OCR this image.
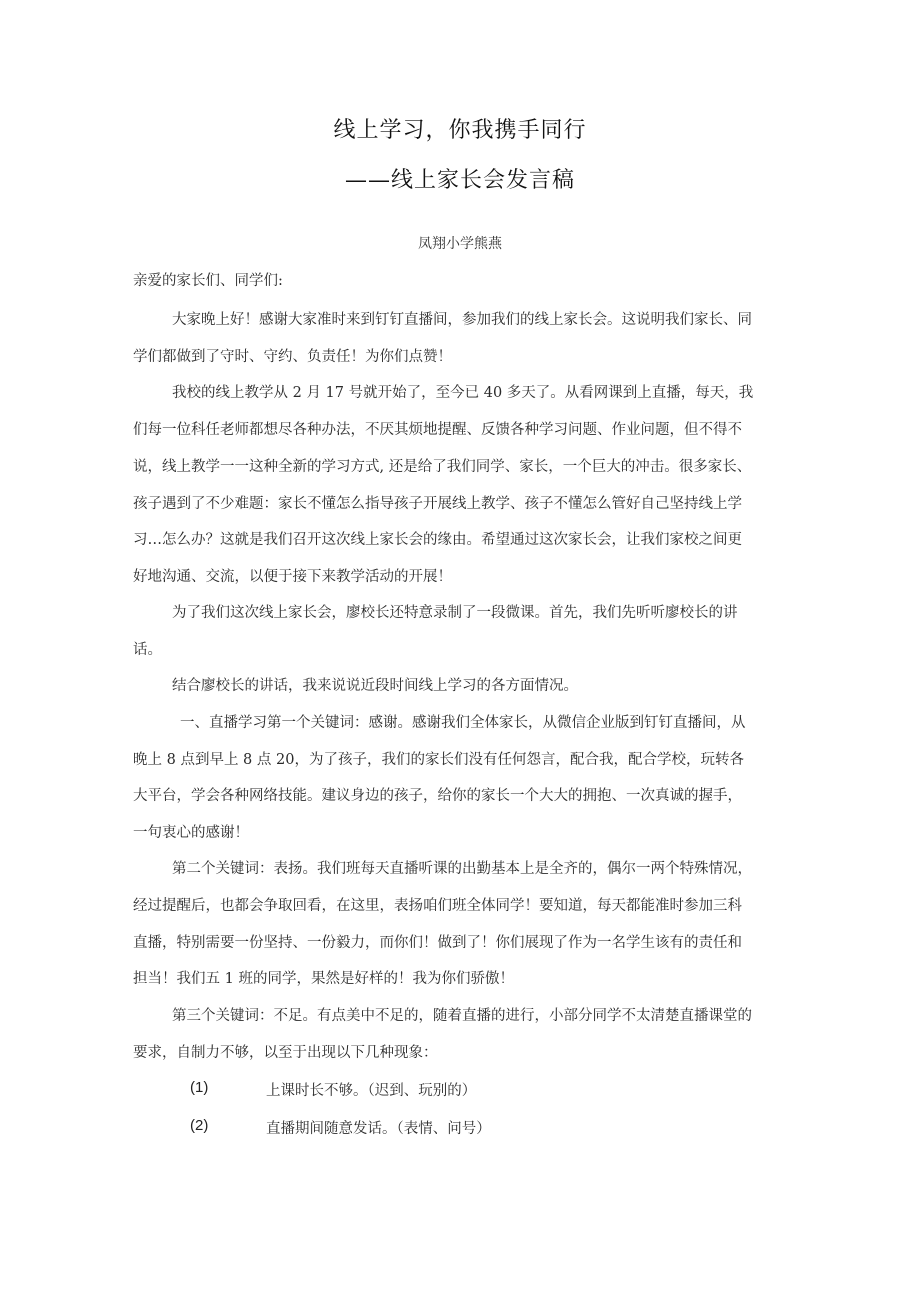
线上学习，你我携手同行
——线上家长会发言稿
凤翔小学熊燕
亲爱的家长们、同学们:
大家晚上好！感谢大家准时来到钉钉直播间，参加我们的线上家长会。这说明我们家长、同
学们都做到了守时、守约、负责任！为你们点赞！
我校的线上教学从 2 月 17 号就开始了，至今已 40 多天了。从看网课到上直播，每天，我
们每一位科任老师都想尽各种办法，不厌其烦地提醒、反馈各种学习问题、作业问题，但不得不
说，线上教学一一这种全新的学习方式, 还是给了我们同学、家长，一个巨大的冲击。很多家长、
孩子遇到了不少难题：家长不懂怎么指导孩子开展线上教学、孩子不懂怎么管好自己坚持线上学
习…怎么办？这就是我们召开这次线上家长会的缘由。希望通过这次家长会，让我们家校之间更
好地沟通、交流，以便于接下来教学活动的开展！
为了我们这次线上家长会，廖校长还特意录制了一段微课。首先，我们先听听廖校长的讲
话。
结合廖校长的讲话，我来说说近段时间线上学习的各方面情况。
一、直播学习第一个关键词：感谢。感谢我们全体家长，从微信企业版到钉钉直播间，从
晚上 8 点到早上 8 点 20，为了孩子，我们的家长们没有任何怨言，配合我，配合学校，玩转各
大平台，学会各种网络技能。建议身边的孩子，给你的家长一个大大的拥抱、一次真诚的握手，
一句衷心的感谢！
第二个关键词：表扬。我们班每天直播听课的出勤基本上是全齐的，偶尔一两个特殊情况，
经过提醒后，也都会争取回看，在这里，表扬咱们班全体同学！要知道，每天都能准时参加三科
直播，特别需要一份坚持、一份毅力，而你们！做到了！你们展现了作为一名学生该有的责任和
担当！我们五 1 班的同学，果然是好样的！我为你们骄傲！
第三个关键词：不足。有点美中不足的，随着直播的进行，小部分同学不太清楚直播课堂的
要求，自制力不够，以至于出现以下几种现象：
(1)	上课时长不够。（迟到、玩别的）
(2)	直播期间随意发话。（表情、问号）
